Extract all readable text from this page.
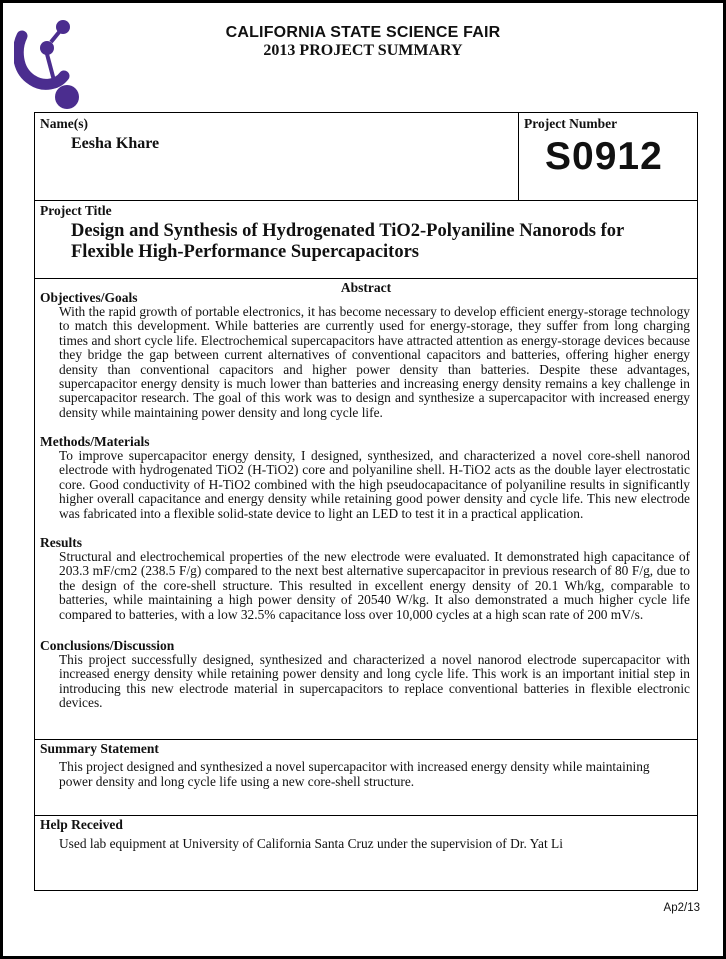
CALIFORNIA STATE SCIENCE FAIR
2013 PROJECT SUMMARY
Name(s)
Eesha Khare
Project Number
S0912
Project Title
Design and Synthesis of Hydrogenated TiO2-Polyaniline Nanorods for
Flexible High-Performance Supercapacitors
Abstract
Objectives/Goals
With the rapid growth of portable electronics, it has become necessary to develop efficient energy-storage technology to match this development. While batteries are currently used for energy-storage, they suffer from long charging times and short cycle life. Electrochemical supercapacitors have attracted attention as energy-storage devices because they bridge the gap between current alternatives of conventional capacitors and batteries, offering higher energy density than conventional capacitors and higher power density than batteries. Despite these advantages, supercapacitor energy density is much lower than batteries and increasing energy density remains a key challenge in supercapacitor research. The goal of this work was to design and synthesize a supercapacitor with increased energy density while maintaining power density and long cycle life.
Methods/Materials
To improve supercapacitor energy density, I designed, synthesized, and characterized a novel core-shell nanorod electrode with hydrogenated TiO2 (H-TiO2) core and polyaniline shell. H-TiO2 acts as the double layer electrostatic core. Good conductivity of H-TiO2 combined with the high pseudocapacitance of polyaniline results in significantly higher overall capacitance and energy density while retaining good power density and cycle life. This new electrode was fabricated into a flexible solid-state device to light an LED to test it in a practical application.
Results
Structural and electrochemical properties of the new electrode were evaluated. It demonstrated high capacitance of 203.3 mF/cm2 (238.5 F/g) compared to the next best alternative supercapacitor in previous research of 80 F/g, due to the design of the core-shell structure. This resulted in excellent energy density of 20.1 Wh/kg, comparable to batteries, while maintaining a high power density of 20540 W/kg. It also demonstrated a much higher cycle life compared to batteries, with a low 32.5% capacitance loss over 10,000 cycles at a high scan rate of 200 mV/s.
Conclusions/Discussion
This project successfully designed, synthesized and characterized a novel nanorod electrode supercapacitor with increased energy density while retaining power density and long cycle life. This work is an important initial step in introducing this new electrode material in supercapacitors to replace conventional batteries in flexible electronic devices.
Summary Statement
This project designed and synthesized a novel supercapacitor with increased energy density while maintaining power density and long cycle life using a new core-shell structure.
Help Received
Used lab equipment at University of California Santa Cruz under the supervision of Dr. Yat Li
Ap2/13
